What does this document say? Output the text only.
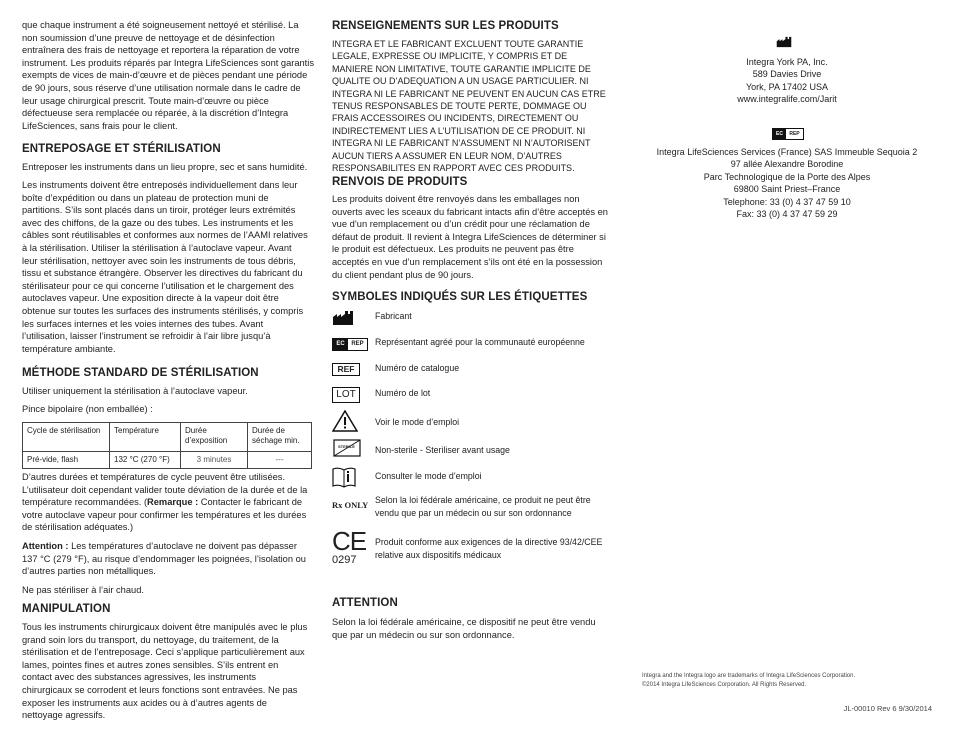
que chaque instrument a été soigneusement nettoyé et stérilisé. La non soumission d’une preuve de nettoyage et de désinfection entraînera des frais de nettoyage et reportera la réparation de votre instrument. Les produits réparés par Integra LifeSciences sont garantis exempts de vices de main-d’œuvre et de pièces pendant une période de 90 jours, sous réserve d’une utilisation normale dans le cadre de leur usage chirurgical prescrit. Toute main-d’œuvre ou pièce défectueuse sera remplacée ou réparée, à la discrétion d’Integra LifeSciences, sans frais pour le client.

ENTREPOSAGE ET STÉRILISATION

Entreposer les instruments dans un lieu propre, sec et sans humidité.

Les instruments doivent être entreposés individuellement dans leur boîte d’expédition ou dans un plateau de protection muni de partitions. S’ils sont placés dans un tiroir, protéger leurs extrémités avec des chiffons, de la gaze ou des tubes. Les instruments et les câbles sont réutilisables et conformes aux normes de l’AAMI relatives à la stérilisation. Utiliser la stérilisation à l’autoclave vapeur. Avant leur stérilisation, nettoyer avec soin les instruments de tous débris, tissu et substance étrangère. Observer les directives du fabricant du stérilisateur pour ce qui concerne l’utilisation et le chargement des autoclaves vapeur. Une exposition directe à la vapeur doit être obtenue sur toutes les surfaces des instruments stérilisés, y compris les surfaces internes et les voies internes des tubes. Avant l’utilisation, laisser l’instrument se refroidir à l’air libre jusqu’à température ambiante.

MÉTHODE STANDARD DE STÉRILISATION

Utiliser uniquement la stérilisation à l’autoclave vapeur.

Pince bipolaire (non emballée) :

Cycle de stérilisation	Température	Durée d’exposition	Durée de séchage min.
Pré-vide, flash	132 °C (270 °F)	3 minutes	---

D’autres durées et températures de cycle peuvent être utilisées. L’utilisateur doit cependant valider toute déviation de la durée et de la température recommandées. (Remarque : Contacter le fabricant de votre autoclave vapeur pour confirmer les températures et les durées de stérilisation adéquates.)

Attention : Les températures d’autoclave ne doivent pas dépasser 137 °C (279 °F), au risque d’endommager les poignées, l’isolation ou d’autres parties non métalliques.

Ne pas stériliser à l’air chaud.

MANIPULATION

Tous les instruments chirurgicaux doivent être manipulés avec le plus grand soin lors du transport, du nettoyage, du traitement, de la stérilisation et de l’entreposage. Ceci s’applique particulièrement aux lames, pointes fines et autres zones sensibles. S’ils entrent en contact avec des substances agressives, les instruments chirurgicaux se corrodent et leurs fonctions sont entravées. Ne pas exposer les instruments aux acides ou à d’autres agents de nettoyage agressifs.

RENSEIGNEMENTS SUR LES PRODUITS

INTEGRA ET LE FABRICANT EXCLUENT TOUTE GARANTIE LEGALE, EXPRESSE OU IMPLICITE, Y COMPRIS ET DE MANIERE NON LIMITATIVE, TOUTE GARANTIE IMPLICITE DE QUALITE OU D’ADEQUATION A UN USAGE PARTICULIER. NI INTEGRA NI LE FABRICANT NE PEUVENT EN AUCUN CAS ETRE TENUS RESPONSABLES DE TOUTE PERTE, DOMMAGE OU FRAIS ACCESSOIRES OU INCIDENTS, DIRECTEMENT OU INDIRECTEMENT LIES A L’UTILISATION DE CE PRODUIT. NI INTEGRA NI LE FABRICANT N’ASSUMENT NI N’AUTORISENT AUCUN TIERS A ASSUMER EN LEUR NOM, D’AUTRES RESPONSABILITES EN RAPPORT AVEC CES PRODUITS.

RENVOIS DE PRODUITS

Les produits doivent être renvoyés dans les emballages non ouverts avec les sceaux du fabricant intacts afin d’être acceptés en vue d’un remplacement ou d’un crédit pour une réclamation de défaut de produit. Il revient à Integra LifeSciences de déterminer si le produit est défectueux. Les produits ne peuvent pas être acceptés en vue d’un remplacement s’ils ont été en la possession du client pendant plus de 90 jours.

SYMBOLES INDIQUÉS SUR LES ÉTIQUETTES
Fabricant
EC	REP	Représentant agréé pour la communauté européenne
REF	Numéro de catalogue
LOT	Numéro de lot
Voir le mode d’emploi
STERILE Non-sterile - Steriliser avant usage
Consulter le mode d’emploi
Rx ONLY Selon la loi fédérale américaine, ce produit ne peut être vendu que par un médecin ou sur son ordonnance
CE
0297
Produit conforme aux exigences de la directive 93/42/CEE relative aux dispositifs médicaux
ATTENTION

Selon la loi fédérale américaine, ce dispositif ne peut être vendu que par un médecin ou sur son ordonnance.

Integra York PA, Inc.
589 Davies Drive
York, PA 17402 USA
www.integralife.com/Jarit
EC	REP
Integra LifeSciences Services (France) SAS Immeuble Sequoia 2
97 allée Alexandre Borodine
Parc Technologique de la Porte des Alpes
69800 Saint Priest–France
Telephone: 33 (0) 4 37 47 59 10
Fax: 33 (0) 4 37 47 59 29
Integra and the Integra logo are trademarks of Integra LifeSciences Corporation.
©2014 Integra LifeSciences Corporation. All Rights Reserved.
JL-00010 Rev 6 9/30/2014
